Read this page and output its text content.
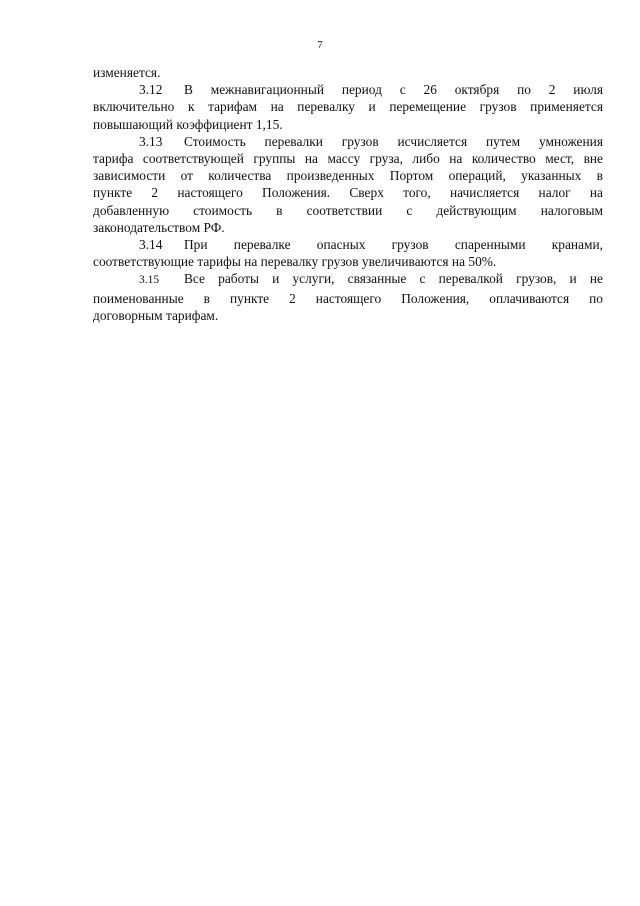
7
изменяется.
3.12 В межнавигационный период с 26 октября по 2 июля
включительно к тарифам на перевалку и перемещение грузов применяется
повышающий коэффициент 1,15.
3.13 Стоимость перевалки грузов исчисляется путем умножения
тарифа соответствующей группы на массу груза, либо на количество мест, вне
зависимости от количества произведенных Портом операций, указанных в
пункте 2 настоящего Положения. Сверх того, начисляется налог на
добавленную стоимость в соответствии с действующим налоговым
законодательством РФ.
3.14 При перевалке опасных грузов спаренными кранами,
соответствующие тарифы на перевалку грузов увеличиваются на 50%.
3.15 Все работы и услуги, связанные с перевалкой грузов, и не
поименованные в пункте 2 настоящего Положения, оплачиваются по
договорным тарифам.
